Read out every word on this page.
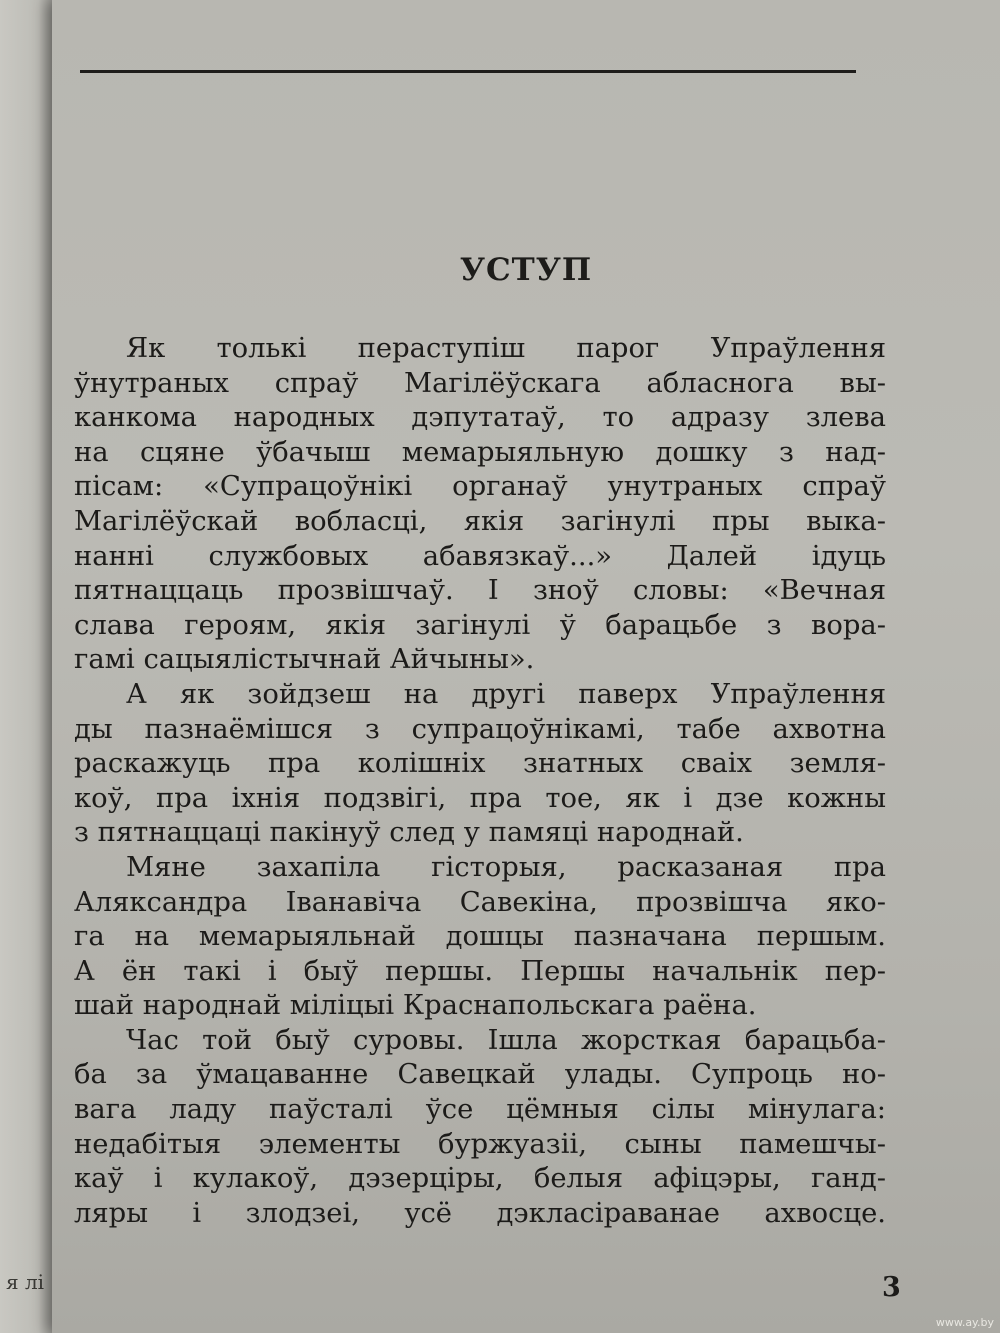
я лі
УСТУП
Як толькі пераступіш парог Упраўлення
ўнутраных спраў Магілёўскага абласнога вы-
канкома народных дэпутатаў, то адразу злева
на сцяне ўбачыш мемарыяльную дошку з над-
пісам: «Супрацоўнікі органаў унутраных спраў
Магілёўскай вобласці, якія загінулі пры выка-
нанні службовых абавязкаў...» Далей ідуць
пятнаццаць прозвішчаў. І зноў словы: «Вечная
слава героям, якія загінулі ў барацьбе з вора-
гамі сацыялістычнай Айчыны».
А як зойдзеш на другі паверх Упраўлення
ды пазнаёмішся з супрацоўнікамі, табе ахвотна
раскажуць пра колішніх знатных сваіх земля-
коў, пра іхнія подзвігі, пра тое, як і дзе кожны
з пятнаццаці пакінуў след у памяці народнай.
Мяне захапіла гісторыя, расказаная пра
Аляксандра Іванавіча Савекіна, прозвішча яко-
га на мемарыяльнай дошцы пазначана першым.
А ён такі і быў першы. Першы начальнік пер-
шай народнай міліцыі Краснапольскага раёна.
Час той быў суровы. Ішла жорсткая барацьба-
ба за ўмацаванне Савецкай улады. Супроць но-
вага ладу паўсталі ўсе цёмныя сілы мінулага:
недабітыя элементы буржуазіі, сыны памешчы-
каў і кулакоў, дэзерціры, белыя афіцэры, ганд-
ляры і злодзеі, усё дэкласіраванае ахвосце.
3
www.ay.by
